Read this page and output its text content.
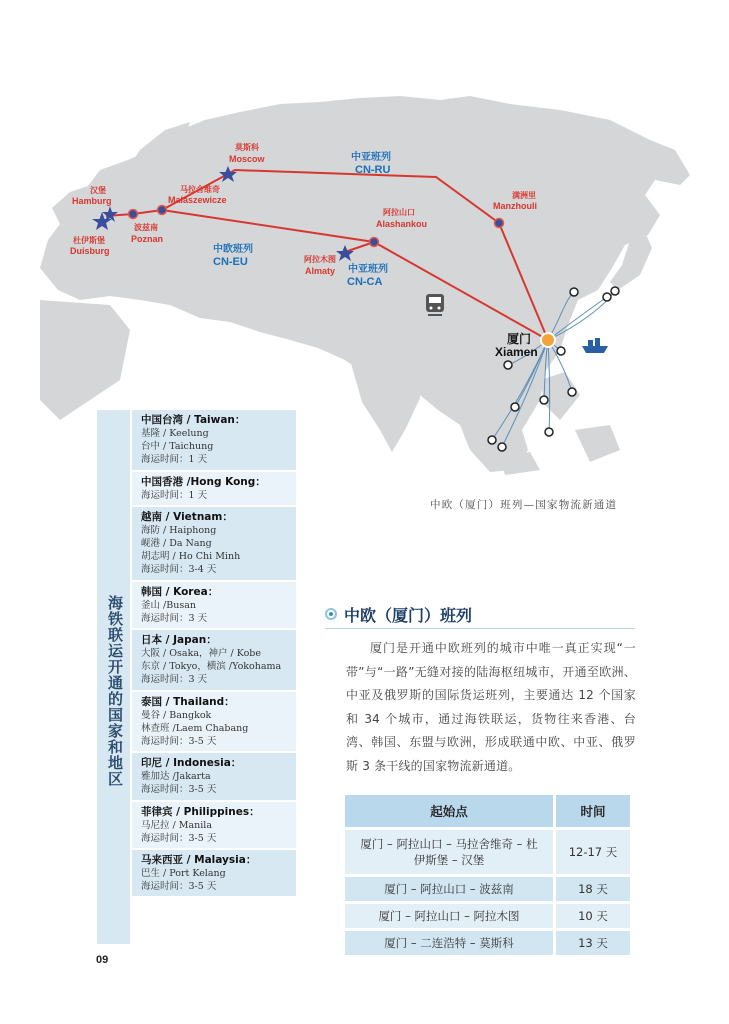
莫斯科
Moscow
马拉舍维奇
Malaszewicze
汉堡
Hamburg
杜伊斯堡
Duisburg
波兹南
Poznan
阿拉山口
Alashankou
阿拉木图
Almaty
满洲里
Manzhouli
厦门
Xiamen
中亚班列
CN-RU
中欧班列
CN-EU
中亚班列
CN-CA
中欧（厦门）班列—国家物流新通道
海铁联运开通的国家和地区
中国台湾 / Taiwan：
基隆 / Keelung
台中 / Taichung
海运时间：1 天
中国香港 /Hong Kong：
海运时间：1 天
越南 / Vietnam：
海防 / Haiphong
岘港 / Da Nang
胡志明 / Ho Chi Minh
海运时间：3-4 天
韩国 / Korea：
釜山 /Busan
海运时间：3 天
日本 / Japan：
大阪 / Osaka，神户 / Kobe
东京 / Tokyo，横滨 /Yokohama
海运时间：3 天
泰国 / Thailand：
曼谷 / Bangkok
林查班 /Laem Chabang
海运时间：3-5 天
印尼 / Indonesia：
雅加达 /Jakarta
海运时间：3-5 天
菲律宾 / Philippines：
马尼拉 / Manila
海运时间：3-5 天
马来西亚 / Malaysia：
巴生 / Port Kelang
海运时间：3-5 天
中欧（厦门）班列
厦门是开通中欧班列的城市中唯一真正实现“一带”与“一路”无缝对接的陆海枢纽城市，开通至欧洲、中亚及俄罗斯的国际货运班列，主要通达 12 个国家和 34 个城市，通过海铁联运，货物往来香港、台湾、韩国、东盟与欧洲，形成联通中欧、中亚、俄罗斯 3 条干线的国家物流新通道。
起始点	时间
厦门 – 阿拉山口 – 马拉舍维奇 – 杜伊斯堡 – 汉堡	12-17 天
厦门 – 阿拉山口 – 波兹南	18 天
厦门 – 阿拉山口 – 阿拉木图	10 天
厦门 – 二连浩特 – 莫斯科	13 天
09
